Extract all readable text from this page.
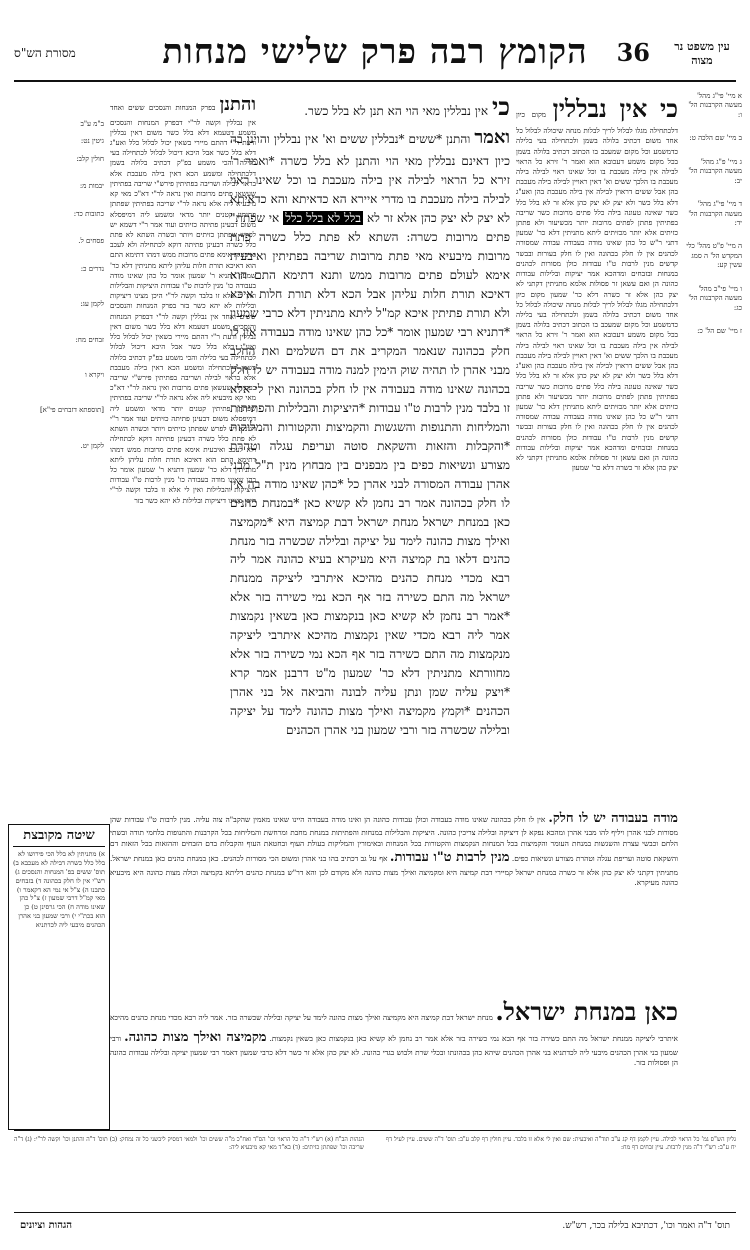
עין משפט נר מצוה
36
הקומץ רבה פרק שלישי מנחות
מסורת הש"ס
א מיי' פי"ג מהל' מעשה הקרבנות הל' ו:
ב מיי' שם הלכה ט:
ג מיי' פ"ג מהל' מעשה הקרבנות הל' יב:
ד מיי' פי"ג מהל' מעשה הקרבנות הל' יד:
ה מיי' פ"ט מהל' כלי המקדש הל' ה סמג עשין קע:
ו מיי' פי"ב מהל' מעשה הקרבנות הל' כג:
ז מיי' שם הל' כ:
כי אין נבללין מקום כיון דלכתחילה מגלו לבלול לריך לבלות מנחה שיכולה לבלול כל אחד משום דכתיב בלולה בשמן ולכתחילה בעי בלילה כדמשמע וכל מקום שמעכב בו הכתוב דכתיב בלולה בשמן בכל מקום משמע דעכובא הוא ואמר ר' זירא כל הראוי לבילה אין בילה מעכבת בו וכל שאינו ראוי לבילה בילה מעכבת בו הלכך ששים וא' דאין ראויין לבילה בילה מעכבת בהן אבל ששים דראוין לבילה אין בילה מעכבת בהן ואע"ג דלא בלל כשר ולא יצק לא יצק כהן אלא זר לא בלל כלל כשר שאינה טעונה בילה כלל פתים מרובות כשר שריבה בפתיתין פתתן לפתים מרובות יותר מכשיעור ולא פתתן כזיתים אלא יותר מכזיתים ליתא מתניתין דלא כר' שמעון דתני ר"ש כל כהן שאינו מודה בעבודה עבודה שמסורה לכהנים אין לו חלק בכהונה ואין לו חלק בעורות ובבשר קדשים מנין לרבות ט"ו עבודות כולן מסורות לכהנים במנחות ובזבחים ומדהכא אמר יציקות ובלילות עבודות כהונה הן ואם עשאן זר פסולות אלמא מתניתין דקתני לא יצק כהן אלא זר כשרה דלא כר' שמעון מקום כיון דלכתחילה מגלו לבלול לריך לבלות מנחה שיכולה לבלול כל אחד משום דכתיב בלולה בשמן ולכתחילה בעי בלילה כדמשמע וכל מקום שמעכב בו הכתוב דכתיב בלולה בשמן בכל מקום משמע דעכובא הוא ואמר ר' זירא כל הראוי לבילה אין בילה מעכבת בו וכל שאינו ראוי לבילה בילה מעכבת בו הלכך ששים וא' דאין ראויין לבילה בילה מעכבת בהן אבל ששים דראוין לבילה אין בילה מעכבת בהן ואע"ג דלא בלל כשר ולא יצק לא יצק כהן אלא זר לא בלל כלל כשר שאינה טעונה בילה כלל פתים מרובות כשר שריבה בפתיתין פתתן לפתים מרובות יותר מכשיעור ולא פתתן כזיתים אלא יותר מכזיתים ליתא מתניתין דלא כר' שמעון דתני ר"ש כל כהן שאינו מודה בעבודה עבודה שמסורה לכהנים אין לו חלק בכהונה ואין לו חלק בעורות ובבשר קדשים מנין לרבות ט"ו עבודות כולן מסורות לכהנים במנחות ובזבחים ומדהכא אמר יציקות ובלילות עבודות כהונה הן ואם עשאן זר פסולות אלמא מתניתין דקתני לא יצק כהן אלא זר כשרה דלא כר' שמעון
כי אין נבללין מאי הוי הא תנן לא בלל כשר.
ואמר והתנן *ששים *נבללין ששים וא' אין נבללין והוינן בה כיון דאינם נבללין מאי הוי והתנן לא בלל כשרה *ואמר ר' זירא כל הראוי לבילה אין בילה מעכבת בו וכל שאינו ראוי לבילה בילה מעכבת בו מדרי איירא הא כדאיתא והא כדאיתא לא יצק לא יצק כהן אלא זר לא בלל לא בלל כלל אי שפתת" פתים מרובות כשרה: השתא לא פתת כלל כשרה פתת מרובות מיבעיא מאי פתת מרובות שריבה בפתיתין ואיבעית אימא לעולם פתים מרובות ממש ותנא דתימא התם הוא דאיכא תורת חלות עליהן אבל הכא דלא תורת חלות איכא ולא תורת פתיתין איכא קמ"ל ליתא מתניתין דלא כרבי שמעון *דתניא רבי שמעון אומר *כל כהן שאינו מודה בעבודה אין לו חלק בכהונה שנאמר המקריב את דם השלמים ואת החלב מבני אהרן לו תהיה שוק הימין למנה מודה בעבודה יש לו חלק בכהונה שאינו מודה בעבודה אין לו חלק בכהונה ואין לי אלא זו בלבד מנין לרבות ט"ו עבודות *היציקות והבלילות והפתיתות והמליחות והתנופות והשגשות והקמיצות והקטורות והמליקות *והקבלות והזאות והשקאת סוטה ועריפת עגלה וטהרת מצורע ונשיאות כפים בין מבפנים בין מבחוץ מנין ת"ל מבני אהרן עבודה המסורה לבני אהרן כל *כהן שאינו מודה בה אין לו חלק בכהונה אמר רב נחמן לא קשיא כאן *במנחת כהנים כאן במנחת ישראל מנחת ישראל דבת קמיצה היא *מקמיצה ואילך מצות כהונה לימד על יציקה ובלילה שכשרה בזר מנחת כהנים דלאו בת קמיצה היא מעיקרא בעיא כהונה אמר ליה רבא מכדי מנחת כהנים מהיכא איתרבי ליציקה ממנחת ישראל מה התם כשירה בזר אף הכא נמי כשירה בזר אלא *אמר רב נחמן לא קשיא כאן בנקמצות כאן בשאין נקמצות אמר ליה רבא מכדי שאין נקמצות מהיכא איתרבי ליציקה מנקמצות מה התם כשירה בזר אף הכא נמי כשירה בזר אלא מחוורתא מתניתין דלא כר' שמעון מ"ט דרבנן אמר קרא *ויצק עליה שמן ונתן עליה לבונה והביאה אל בני אהרן הכהנים *וקמץ מקמיצה ואילך מצות כהונה לימד על יציקה ובלילה שכשרה בזר ורבי שמעון בני אהרן הכהנים
והתנן בפרק המנחות והנסכים ששים ואחד אין נבללין וקשה לר"י דבפרק המנחות והנסכים משמע דטעמא דלא בלל כשר משום דאין נבללין ודעת ר"י דהתם מיירי בשאין יכול לבלול כלל ואע"ג דלא בלל כשר אבל היכא דיכול לבלול לכתחילה בעי בלילה והכי משמע בפ"ק דכתיב בלולה בשמן דלכתחילה ומשמע הכא דאין בילה מעכבת אלא בראוי לבילה ושריבה בפתיתין פירש"י שריבה בפתיתין שעשאן פתים מרובות ואין נראה לר"י דא"כ מאי קא מיבעיא ליה אלא נראה לר"י שריבה בפתיתין שפתתן פתיתין קטנים יותר מדאי ומשמע ליה דמיפסלא משום דבעינן פתיתה כזיתים ועוד אמר ר"י דשמא יש לפרש שפתתן כזיתים ויותר וכשרה השתא לא פתת כלל כשרה דבעינן פתיתה דוקא לכתחילה ולא לעכב ואיבעית אימא פתים מרובות ממש דמהו דתימא התם הוא דאיכא תורת חלות עליהן ליתא מתניתין דלא כר' שמעון דתניא ר' שמעון אומר כל כהן שאינו מודה בעבודה כו' מנין לרבות ט"ו עבודות היציקות והבלילות ואין לי אלא זו בלבד וקשה לר"י היכן מצינו דיציקות ובלילות לא יהא כשר בזר בפרק המנחות והנסכים ששים ואחד אין נבללין וקשה לר"י דבפרק המנחות והנסכים משמע דטעמא דלא בלל כשר משום דאין נבללין ודעת ר"י דהתם מיירי בשאין יכול לבלול כלל ואע"ג דלא בלל כשר אבל היכא דיכול לבלול לכתחילה בעי בלילה והכי משמע בפ"ק דכתיב בלולה בשמן דלכתחילה ומשמע הכא דאין בילה מעכבת אלא בראוי לבילה ושריבה בפתיתין פירש"י שריבה בפתיתין שעשאן פתים מרובות ואין נראה לר"י דא"כ מאי קא מיבעיא ליה אלא נראה לר"י שריבה בפתיתין שפתתן פתיתין קטנים יותר מדאי ומשמע ליה דמיפסלא משום דבעינן פתיתה כזיתים ועוד אמר ר"י דשמא יש לפרש שפתתן כזיתים ויותר וכשרה השתא לא פתת כלל כשרה דבעינן פתיתה דוקא לכתחילה ולא לעכב ואיבעית אימא פתים מרובות ממש דמהו דתימא התם הוא דאיכא תורת חלות עליהן ליתא מתניתין דלא כר' שמעון דתניא ר' שמעון אומר כל כהן שאינו מודה בעבודה כו' מנין לרבות ט"ו עבודות היציקות והבלילות ואין לי אלא זו בלבד וקשה לר"י היכן מצינו דיציקות ובלילות לא יהא כשר בזר
ב"מ ע"ב
גיטין נט:
חולין קלב:
יבמות מ:
כתובות כד:
פסחים ל.
נדרים כ:
לקמן עג:
זבחים מח:
ויקרא ו
[תוספתא דזבחים פי"א]
לקמן יט.
מודה בעבודה יש לו חלק. אין לו חלק בכהונה שאינו מודה בעבודה וכולן עבודות כהונה הן ואינו מודה בעבודה היינו שאינו מאמין שהקב"ה צוה עליה. מנין לרבות ט"ו עבודות שהן מסורות לבני אהרן ויליף להו מבני אהרן ומהכא נפקא לן דיציקה ובלילה צריכין כהונה. היציקות והבלילות במנחות והפתיתות במנחת מחבת ומרחשת והמליחות בכל הקרבנות והתנופות בלחמי תודה ובשתי הלחם וכבשי עצרת והשגשות במנחת העומר והקמיצות בכל המנחות הנקמצות והקטורות בכל המנחות ובאימורין והמליקות בעולת העוף ובחטאת העוף והקבלות בדם הזבחים וההזאות בכל הזאות דם והשקאת סוטה ועריפת עגלה וטהרת מצורע ונשיאות כפים. מנין לרבות ט"ו עבודות. אף על גב דכתיב בהו בני אהרן ומשום הכי מסורות לכהנים. כאן במנחת כהנים כאן במנחת ישראל. מתניתין דקתני לא יצק כהן אלא זר כשרה במנחת ישראל קמיירי דבת קמיצה היא ומקמיצה ואילך מצות כהונה ולא מקודם לכן והא דר"ש במנחת כהנים דליתא בקמיצה וכולה מצות כהונה היא מיבעיא כהונה מעיקרא.
כאן במנחת ישראל. מנחת ישראל דבת קמיצה היא מקמיצה ואילך מצות כהונה לימד על יציקה ובלילה שכשרה בזר. אמר ליה רבא מכדי מנחת כהנים מהיכא איתרבי ליציקה ממנחת ישראל מה התם כשירה בזר אף הכא נמי כשירה בזר אלא אמר רב נחמן לא קשיא כאן בנקמצות כאן בשאין נקמצות. מקמיצה ואילך מצות כהונה. ורבי שמעון בני אהרן הכהנים מיבעי ליה לכדתניא בני אהרן הכהנים שיהא כהן בכהונתו ובכלי שרת ולבוש בגדי כהונה. לא יצק כהן אלא זר כשר דלא כרבי שמעון דאמר רבי שמעון יציקה ובלילה עבודות כהונה הן ופסולות בזר.
שיטה מקובצת
א) מתניתין לא בלל הכי פירושו לא בלל כלל כשרה דבילה לא מעכבא ב) תוס' ששים בפ' המנחות והנסכים ג) רש"י אין לו חלק בכהונה ד) בזבחים כתבנו ה) צ"ל אי נמי הא דקאמר ו) מאי קמ"ל דרבי שמעון ז) צ"ל כהן שאינו מודה ח) הכי גרסינן ט) כן הוא בכת"י י) ורבי שמעון בני אהרן הכהנים מיבעי ליה לכדתניא
גליון הש"ס גמ' כל הראוי לבילה. עיין לקמן דף קג ע"ב תוד"ה ואיבעית: שם ואין לי אלא זו בלבד. עיין חולין דף קלב ע"ב: תוס' ד"ה ששים. עיין לעיל דף יח ע"ב: רש"י ד"ה מנין לרבות. עיין זבחים דף מח:
הגהות הב"ח (א) רש"י ד"ה כל הראוי וכו' הס"ד ואח"כ מ"ה ששים וכו' ולמאי דמסיק ליבשני כל זה נמחק: (ב) תוס' ד"ה והתנן וכו' וקשה לר"י: (ג) ד"ה שריבה וכו' שפתתן כזיתים: (ד) בא"ד מאי קא מיבעיא ליה:
הגהות וציונים	תוס' ד"ה ואמר וכו', דכתיבא בלילה בכר, רש"ש.
